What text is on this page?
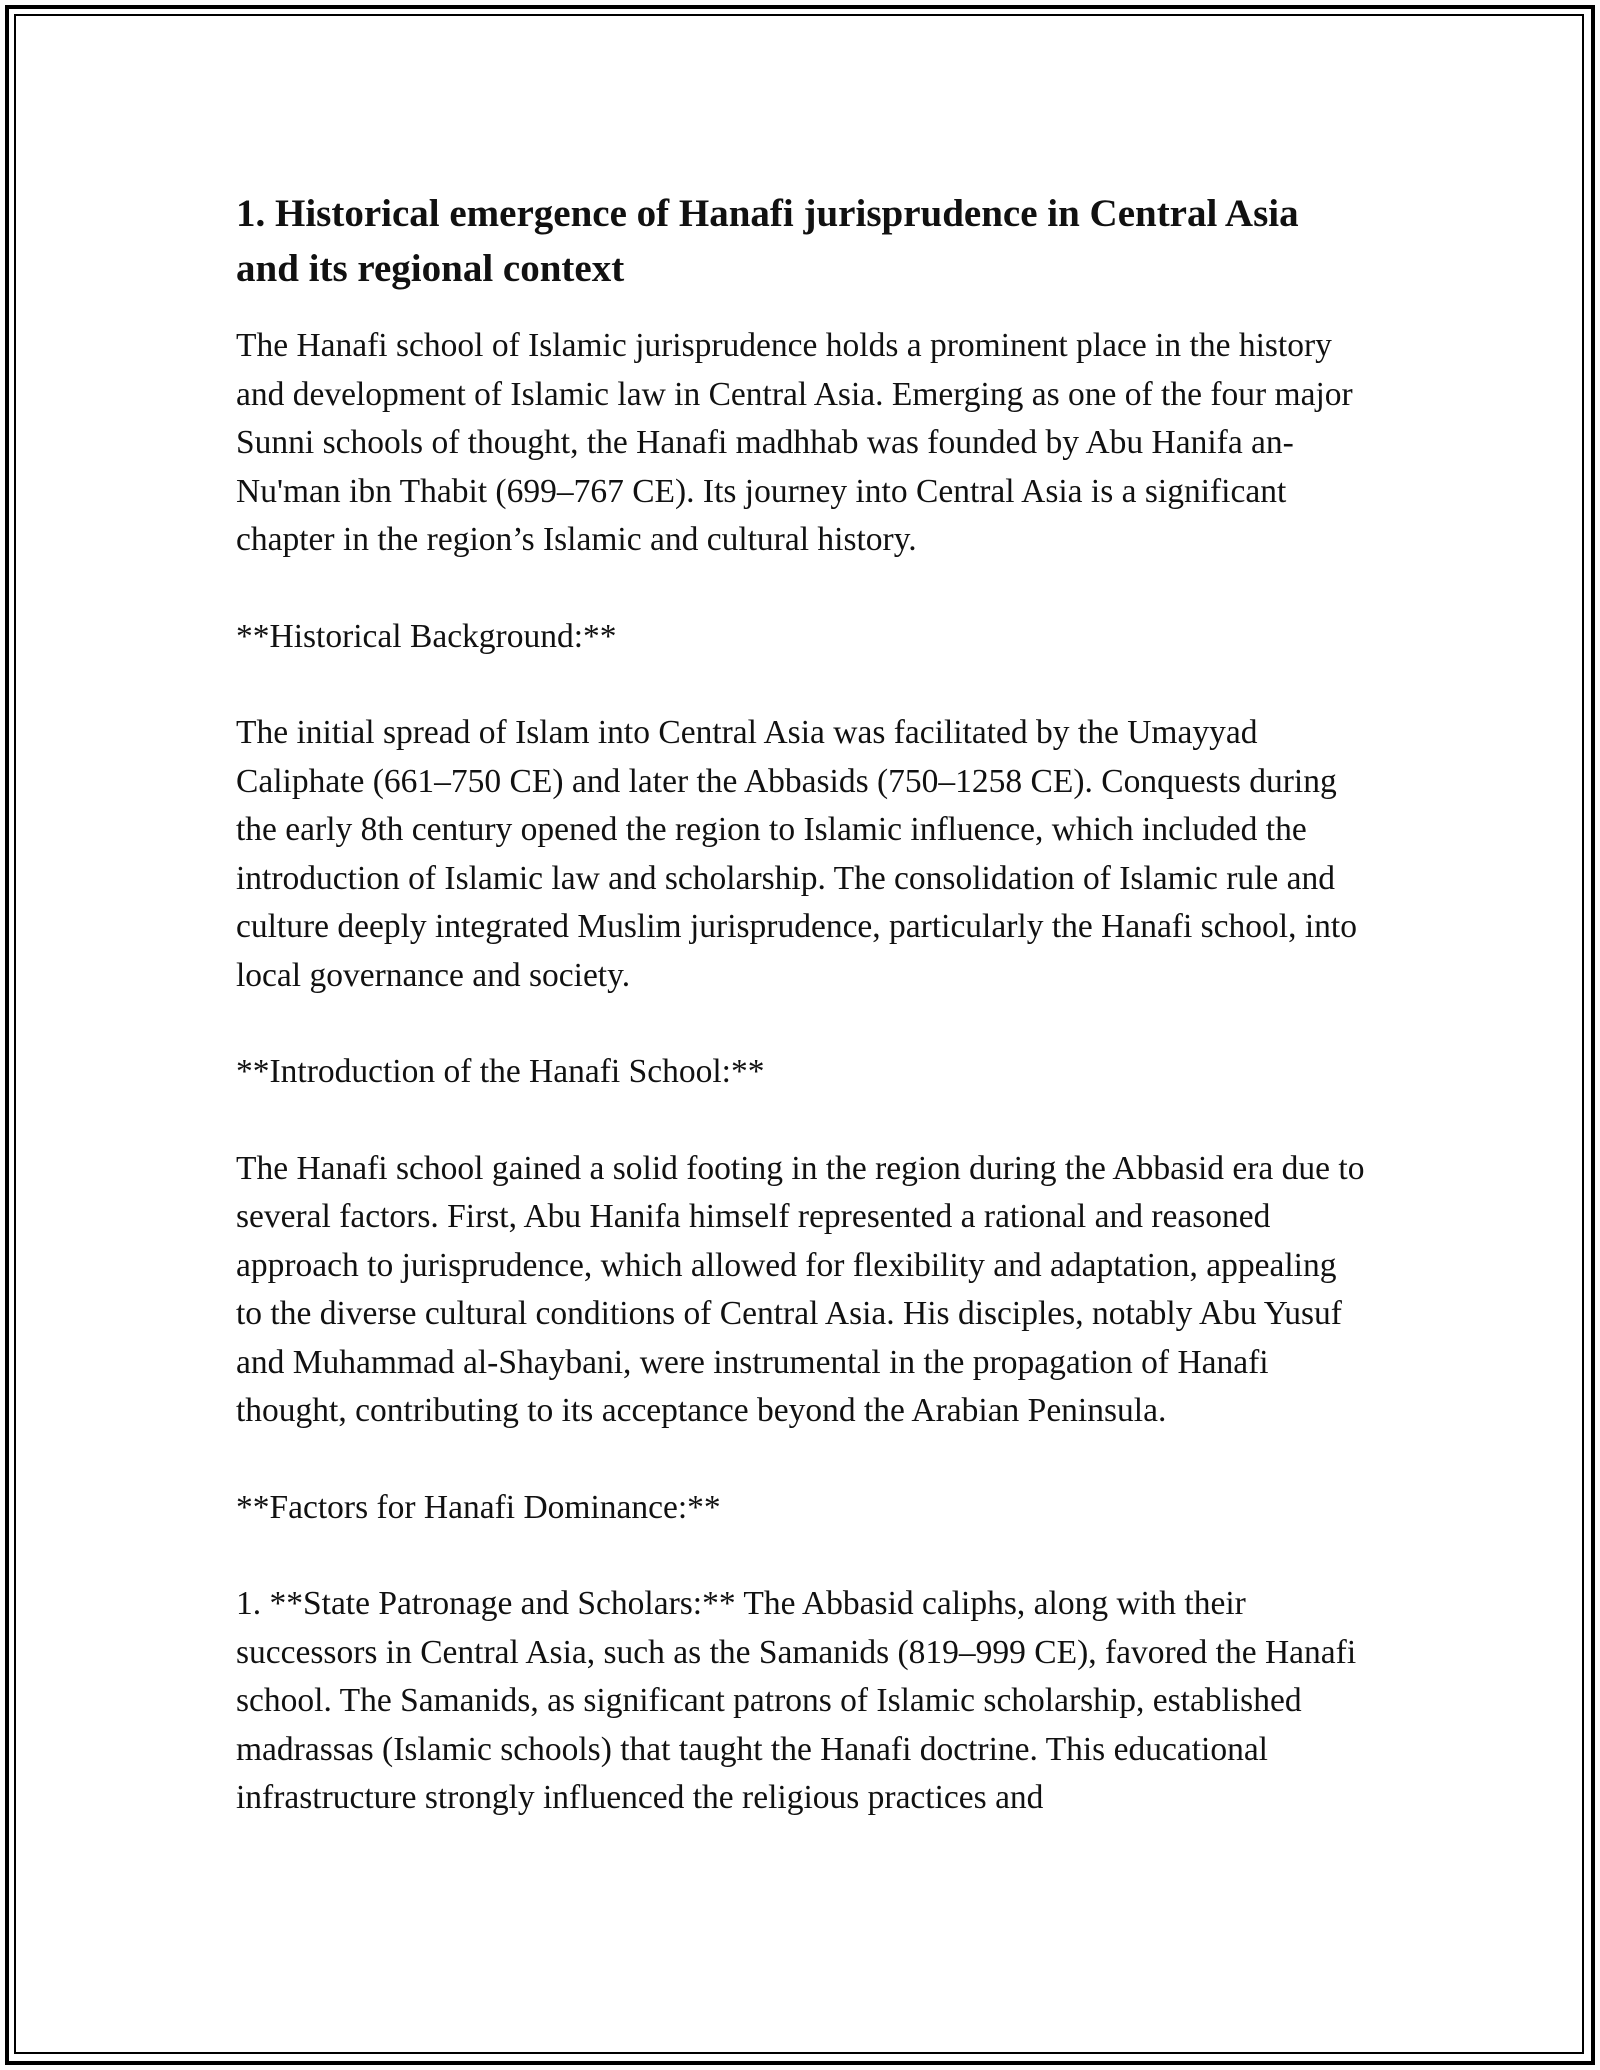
1. Historical emergence of Hanafi jurisprudence in Central Asia and its regional context

The Hanafi school of Islamic jurisprudence holds a prominent place in the history and development of Islamic law in Central Asia. Emerging as one of the four major Sunni schools of thought, the Hanafi madhhab was founded by Abu Hanifa an-Nu'man ibn Thabit (699–767 CE). Its journey into Central Asia is a significant chapter in the region’s Islamic and cultural history.

**Historical Background:**

The initial spread of Islam into Central Asia was facilitated by the Umayyad Caliphate (661–750 CE) and later the Abbasids (750–1258 CE). Conquests during the early 8th century opened the region to Islamic influence, which included the introduction of Islamic law and scholarship. The consolidation of Islamic rule and culture deeply integrated Muslim jurisprudence, particularly the Hanafi school, into local governance and society.

**Introduction of the Hanafi School:**

The Hanafi school gained a solid footing in the region during the Abbasid era due to several factors. First, Abu Hanifa himself represented a rational and reasoned approach to jurisprudence, which allowed for flexibility and adaptation, appealing to the diverse cultural conditions of Central Asia. His disciples, notably Abu Yusuf and Muhammad al-Shaybani, were instrumental in the propagation of Hanafi thought, contributing to its acceptance beyond the Arabian Peninsula.

**Factors for Hanafi Dominance:**

1. **State Patronage and Scholars:** The Abbasid caliphs, along with their successors in Central Asia, such as the Samanids (819–999 CE), favored the Hanafi school. The Samanids, as significant patrons of Islamic scholarship, established madrassas (Islamic schools) that taught the Hanafi doctrine. This educational infrastructure strongly influenced the religious practices and
